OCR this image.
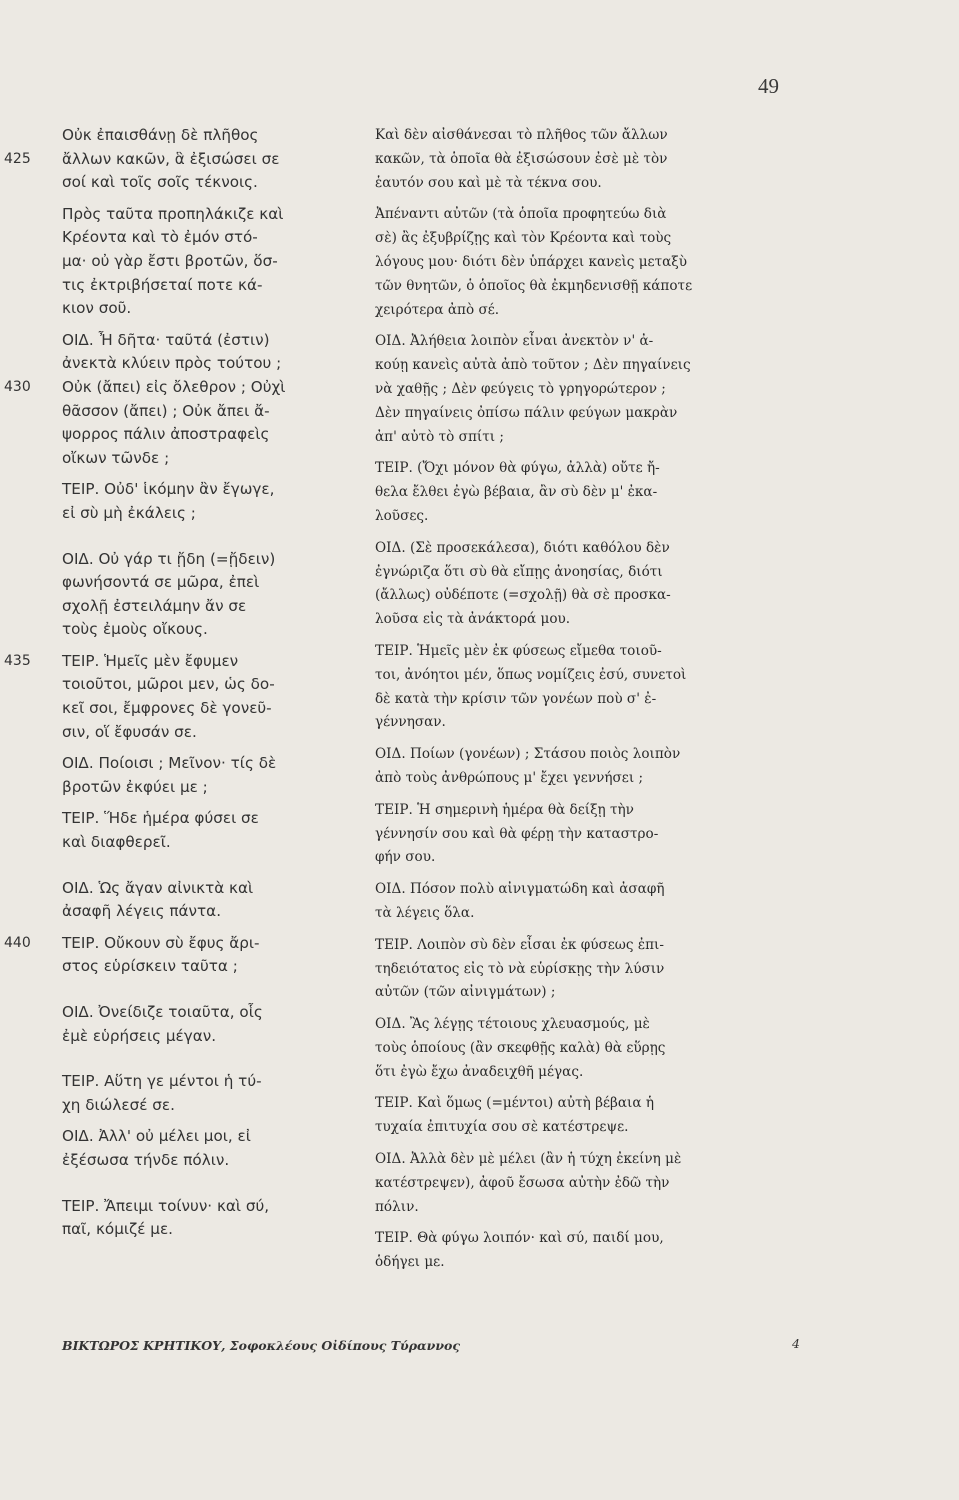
49
Οὐκ ἐπαισθάνῃ δὲ πλῆθος
ἄλλων κακῶν, ἃ ἐξισώσει σε
σοί καὶ τοῖς σοῖς τέκνοις.
425
Πρὸς ταῦτα προπηλάκιζε καὶ
Κρέοντα καὶ τὸ ἐμόν στό-
μα· οὐ γὰρ ἔστι βροτῶν, ὅσ-
τις ἐκτριβήσεταί ποτε κά-
κιον σοῦ.
ΟΙΔ. Ἦ δῆτα· ταῦτά (ἐστιν)
ἀνεκτὰ κλύειν πρὸς τούτου ;
Οὐκ (ἄπει) εἰς ὄλεθρον ; Οὐχὶ
θᾶσσον (ἄπει) ; Οὐκ ἄπει ἄ-
ψορρος πάλιν ἀποστραφεὶς
οἴκων τῶνδε ;
430
ΤΕΙΡ. Οὐδ' ἱκόμην ἂν ἔγωγε,
εἰ σὺ μὴ ἐκάλεις ;
ΟΙΔ. Οὐ γάρ τι ᾔδη (=ᾔδειν)
φωνήσοντά σε μῶρα, ἐπεὶ
σχολῇ ἐστειλάμην ἄν σε
τοὺς ἐμοὺς οἴκους.
ΤΕΙΡ. Ἡμεῖς μὲν ἔφυμεν
τοιοῦτοι, μῶροι μεν, ὡς δο-
κεῖ σοι, ἔμφρονες δὲ γονεῦ-
σιν, οἵ ἔφυσάν σε.
435
ΟΙΔ. Ποίοισι ; Μεῖνον· τίς δὲ
βροτῶν ἐκφύει με ;
ΤΕΙΡ. Ἥδε ἡμέρα φύσει σε
καὶ διαφθερεῖ.
ΟΙΔ. Ὡς ἄγαν αἰνικτὰ καὶ
ἀσαφῆ λέγεις πάντα.
ΤΕΙΡ. Οὔκουν σὺ ἔφυς ἄρι-
στος εὑρίσκειν ταῦτα ;
440
ΟΙΔ. Ὀνείδιζε τοιαῦτα, οἷς
ἐμὲ εὑρήσεις μέγαν.
ΤΕΙΡ. Αὕτη γε μέντοι ἡ τύ-
χη διώλεσέ σε.
ΟΙΔ. Ἀλλ' οὐ μέλει μοι, εἰ
ἐξέσωσα τήνδε πόλιν.
ΤΕΙΡ. Ἄπειμι τοίνυν· καὶ σύ,
παῖ, κόμιζέ με.
Καὶ δὲν αἰσθάνεσαι τὸ πλῆθος τῶν ἄλλων
κακῶν, τὰ ὁποῖα θὰ ἐξισώσουν ἐσὲ μὲ τὸν
ἑαυτόν σου καὶ μὲ τὰ τέκνα σου.
Ἀπέναντι αὐτῶν (τὰ ὁποῖα προφητεύω διὰ
σὲ) ἂς ἐξυβρίζῃς καὶ τὸν Κρέοντα καὶ τοὺς
λόγους μου· διότι δὲν ὑπάρχει κανεὶς μεταξὺ
τῶν θνητῶν, ὁ ὁποῖος θὰ ἐκμηδενισθῇ κάποτε
χειρότερα ἀπὸ σέ.
ΟΙΔ. Ἀλήθεια λοιπὸν εἶναι ἀνεκτὸν ν' ἀ-
κούῃ κανεὶς αὐτὰ ἀπὸ τοῦτον ; Δὲν πηγαίνεις
νὰ χαθῇς ; Δὲν φεύγεις τὸ γρηγορώτερον ;
Δὲν πηγαίνεις ὀπίσω πάλιν φεύγων μακρὰν
ἀπ' αὐτὸ τὸ σπίτι ;
ΤΕΙΡ. (Ὄχι μόνον θὰ φύγω, ἀλλὰ) οὔτε ἤ-
θελα ἔλθει ἐγὼ βέβαια, ἂν σὺ δὲν μ' ἐκα-
λοῦσες.
ΟΙΔ. (Σὲ προσεκάλεσα), διότι καθόλου δὲν
ἐγνώριζα ὅτι σὺ θὰ εἴπῃς ἀνοησίας, διότι
(ἄλλως) οὐδέποτε (=σχολῇ) θὰ σὲ προσκα-
λοῦσα εἰς τὰ ἀνάκτορά μου.
ΤΕΙΡ. Ἡμεῖς μὲν ἐκ φύσεως εἴμεθα τοιοῦ-
τοι, ἀνόητοι μέν, ὅπως νομίζεις ἐσύ, συνετοὶ
δὲ κατὰ τὴν κρίσιν τῶν γονέων ποὺ σ' ἐ-
γέννησαν.
ΟΙΔ. Ποίων (γονέων) ; Στάσου ποιὸς λοιπὸν
ἀπὸ τοὺς ἀνθρώπους μ' ἔχει γεννήσει ;
ΤΕΙΡ. Ἡ σημερινὴ ἡμέρα θὰ δείξῃ τὴν
γέννησίν σου καὶ θὰ φέρῃ τὴν καταστρο-
φήν σου.
ΟΙΔ. Πόσον πολὺ αἰνιγματώδη καὶ ἀσαφῆ
τὰ λέγεις ὅλα.
ΤΕΙΡ. Λοιπὸν σὺ δὲν εἶσαι ἐκ φύσεως ἐπι-
τηδειότατος εἰς τὸ νὰ εὑρίσκῃς τὴν λύσιν
αὐτῶν (τῶν αἰνιγμάτων) ;
ΟΙΔ. Ἂς λέγῃς τέτοιους χλευασμούς, μὲ
τοὺς ὁποίους (ἂν σκεφθῇς καλὰ) θὰ εὕρῃς
ὅτι ἐγὼ ἔχω ἀναδειχθῆ μέγας.
ΤΕΙΡ. Καὶ ὅμως (=μέντοι) αὐτὴ βέβαια ἡ
τυχαία ἐπιτυχία σου σὲ κατέστρεψε.
ΟΙΔ. Ἀλλὰ δὲν μὲ μέλει (ἂν ἡ τύχη ἐκείνη μὲ
κατέστρεψεν), ἀφοῦ ἔσωσα αὐτὴν ἐδῶ τὴν
πόλιν.
ΤΕΙΡ. Θὰ φύγω λοιπόν· καὶ σύ, παιδί μου,
ὁδήγει με.
ΒΙΚΤΩΡΟΣ ΚΡΗΤΙΚΟΥ, Σοφοκλέους Οἰδίπους Τύραννος	4
